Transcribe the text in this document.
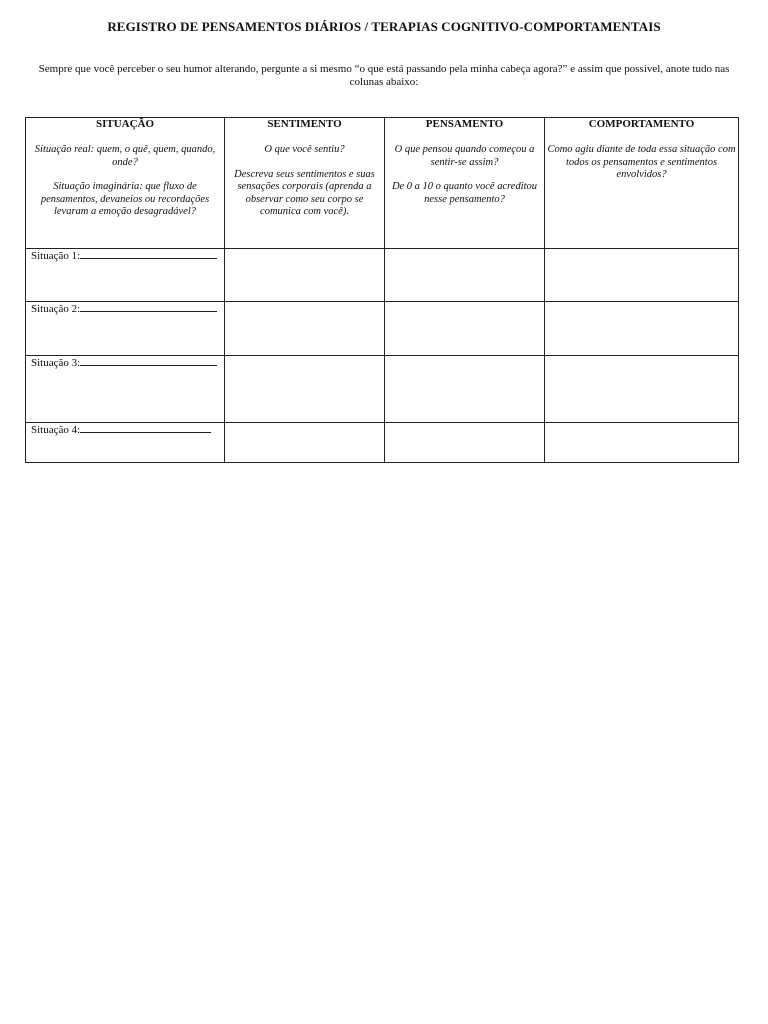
REGISTRO DE PENSAMENTOS DIÁRIOS / TERAPIAS COGNITIVO-COMPORTAMENTAIS
Sempre que você perceber o seu humor alterando, pergunte a si mesmo “o que está passando pela minha cabeça agora?” e assim que possível, anote tudo nas colunas abaixo:
SITUAÇÃO
Situação real: quem, o quê, quem, quando, onde?
Situação imaginária: que fluxo de pensamentos, devaneios ou recordações levaram a emoção desagradável?	SENTIMENTO
O que você sentiu?
Descreva seus sentimentos e suas sensações corporais (aprenda a observar como seu corpo se comunica com você).	PENSAMENTO
O que pensou quando começou a sentir-se assim?
De 0 a 10 o quanto você acreditou nesse pensamento?	COMPORTAMENTO
Como agiu diante de toda essa situação com todos os pensamentos e sentimentos envolvidos?

Situação 1:			

Situação 2:			

Situação 3:			

Situação 4:			
